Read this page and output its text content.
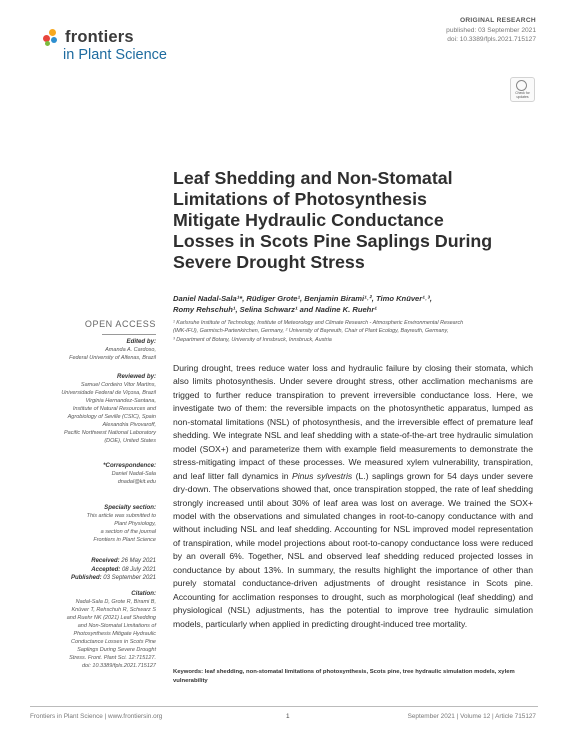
frontiers
in Plant Science
ORIGINAL RESEARCH
published: 03 September 2021
doi: 10.3389/fpls.2021.715127
Check for updates
Leaf Shedding and Non-Stomatal
Limitations of Photosynthesis
Mitigate Hydraulic Conductance
Losses in Scots Pine Saplings During
Severe Drought Stress
Daniel Nadal-Sala¹*, Rüdiger Grote¹, Benjamin Birami¹˒², Timo Knüver¹˒³,
Romy Rehschuh¹, Selina Schwarz¹ and Nadine K. Ruehr¹
¹ Karlsruhe Institute of Technology, Institute of Meteorology and Climate Research - Atmospheric Environmental Research
(IMK-IFU), Garmisch-Partenkirchen, Germany, ² University of Bayreuth, Chair of Plant Ecology, Bayreuth, Germany,
³ Department of Botany, University of Innsbruck, Innsbruck, Austria
OPEN ACCESS
Edited by:
Amanda A. Cardoso,
Federal University of Alfenas, Brazil
Reviewed by:
Samuel Cordeiro Vitor Martins,
Universidade Federal de Viçosa, Brazil
Virginia Hernandez-Santana,
Institute of Natural Resources and
Agrobiology of Seville (CSIC), Spain
Alexandria Pivovaroff,
Pacific Northwest National Laboratory
(DOE), United States
*Correspondence:
Daniel Nadal-Sala
dnadal@kit.edu
Specialty section:
This article was submitted to
Plant Physiology,
a section of the journal
Frontiers in Plant Science
Received: 26 May 2021
Accepted: 08 July 2021
Published: 03 September 2021
Citation:
Nadal-Sala D, Grote R, Birami B,
Knüver T, Rehschuh R, Schwarz S
and Ruehr NK (2021) Leaf Shedding
and Non-Stomatal Limitations of
Photosynthesis Mitigate Hydraulic
Conductance Losses in Scots Pine
Saplings During Severe Drought
Stress. Front. Plant Sci. 12:715127.
doi: 10.3389/fpls.2021.715127
During drought, trees reduce water loss and hydraulic failure by closing their stomata, which also limits photosynthesis. Under severe drought stress, other acclimation mechanisms are trigged to further reduce transpiration to prevent irreversible conductance loss. Here, we investigate two of them: the reversible impacts on the photosynthetic apparatus, lumped as non-stomatal limitations (NSL) of photosynthesis, and the irreversible effect of premature leaf shedding. We integrate NSL and leaf shedding with a state-of-the-art tree hydraulic simulation model (SOX+) and parameterize them with example field measurements to demonstrate the stress-mitigating impact of these processes. We measured xylem vulnerability, transpiration, and leaf litter fall dynamics in Pinus sylvestris (L.) saplings grown for 54 days under severe dry-down. The observations showed that, once transpiration stopped, the rate of leaf shedding strongly increased until about 30% of leaf area was lost on average. We trained the SOX+ model with the observations and simulated changes in root-to-canopy conductance with and without including NSL and leaf shedding. Accounting for NSL improved model representation of transpiration, while model projections about root-to-canopy conductance loss were reduced by an overall 6%. Together, NSL and observed leaf shedding reduced projected losses in conductance by about 13%. In summary, the results highlight the importance of other than purely stomatal conductance-driven adjustments of drought resistance in Scots pine. Accounting for acclimation responses to drought, such as morphological (leaf shedding) and physiological (NSL) adjustments, has the potential to improve tree hydraulic simulation models, particularly when applied in predicting drought-induced tree mortality.
Keywords: leaf shedding, non-stomatal limitations of photosynthesis, Scots pine, tree hydraulic simulation models, xylem vulnerability
Frontiers in Plant Science | www.frontiersin.org	1	September 2021 | Volume 12 | Article 715127
